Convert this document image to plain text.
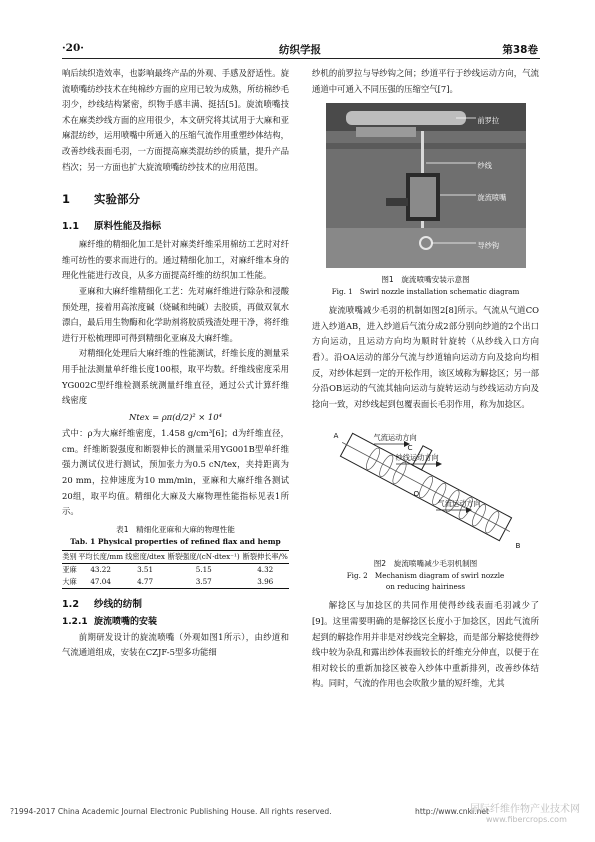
·20·	纺织学报	第38卷

响后续织造效率，也影响最终产品的外观、手感及舒适性。旋流喷嘴纺纱技术在纯棉纱方面的应用已较为成熟，所纺棉纱毛羽少，纱线结构紧密，织物手感丰满、挺括[5]。旋流喷嘴技术在麻类纱线方面的应用很少，本文研究将其试用于大麻和亚麻混纺纱，运用喷嘴中所通入的压缩气流作用重塑纱体结构，改善纱线表面毛羽，一方面提高麻类混纺纱的质量，提升产品档次；另一方面也扩大旋流喷嘴纺纱技术的应用范围。

1 实验部分
1.1 原料性能及指标

麻纤维的精细化加工是针对麻类纤维采用棉纺工艺时对纤维可纺性的要求而进行的。通过精细化加工，对麻纤维本身的理化性能进行改良，从多方面提高纤维的纺织加工性能。

亚麻和大麻纤维精细化工艺：先对麻纤维进行除杂和浸酸预处理，接着用高浓度碱（烧碱和纯碱）去胶质，再做双氧水漂白，最后用生物酶和化学助剂将胶质残渣处理干净，将纤维进行开松梳理即可得到精细化亚麻及大麻纤维。

对精细化处理后大麻纤维的性能测试，纤维长度的测量采用手扯法测量单纤维长度100根，取平均数。纤维线密度采用YG002C型纤维检测系统测量纤维直径，通过公式计算纤维线密度

Ntex = ρπ(d/2)² × 10⁴

式中：ρ为大麻纤维密度，1.458 g/cm³[6]；d为纤维直径，cm。纤维断裂强度和断裂伸长的测量采用YG001B型单纤维强力测试仪进行测试，预加张力为0.5 cN/tex，夹持距离为20 mm，拉伸速度为10 mm/min，亚麻和大麻纤维各测试20组，取平均值。精细化大麻及大麻物理性能指标见表1所示。

表1　精细化亚麻和大麻的物理性能
Tab. 1 Physical properties of refined flax and hemp
类别	平均长度/mm	线密度/dtex	断裂强度/(cN·dtex⁻¹)	断裂伸长率/%
亚麻	43.22	3.51	5.15	4.32
大麻	47.04	4.77	3.57	3.96
1.2 纱线的纺制
1.2.1 旋流喷嘴的安装

前期研发设计的旋流喷嘴（外观如图1所示），由纱道和气流通道组成，安装在CZJF-5型多功能细

纱机的前罗拉与导纱钩之间；纱道平行于纱线运动方向，气流通道中可通入不同压强的压缩空气[7]。

前罗拉
纱线
旋流喷嘴
导纱钩
图1　旋流喷嘴安装示意图
Fig. 1　Swirl nozzle installation schematic diagram

旋流喷嘴减少毛羽的机制如图2[8]所示。气流从气道CO进入纱道AB，进入纱道后气流分成2部分别向纱道的2个出口方向运动，且运动方向均为顺时针旋转（从纱线入口方向看）。沿OA运动的部分气流与纱道轴向运动方向及捻向均相反，对纱体起到一定的开松作用，该区域称为解捻区；另一部分沿OB运动的气流其轴向运动与旋转运动与纱线运动方向及捻向一致，对纱线起到包覆表面长毛羽作用，称为加捻区。

A
C
O
B
气流运动方向
纱线运动方向
气流运动方向
图2　旋流喷嘴减少毛羽机制图
Fig. 2　Mechanism diagram of swirl nozzle
on reducing hairiness

解捻区与加捻区的共同作用使得纱线表面毛羽减少了[9]。这里需要明确的是解捻区长度小于加捻区，因此气流所起到的解捻作用并非是对纱线完全解捻，而是部分解捻使得纱线中较为杂乱和露出纱体表面较长的纤维充分伸直，以便于在相对较长的重新加捻区被卷入纱体中重新排列，改善纱体结构。同时，气流的作用也会吹散少量的短纤维，尤其

?1994-2017 China Academic Journal Electronic Publishing House. All rights reserved.	http://www.cnki.net
国际纤维作物产业技术网
www.fibercrops.com
